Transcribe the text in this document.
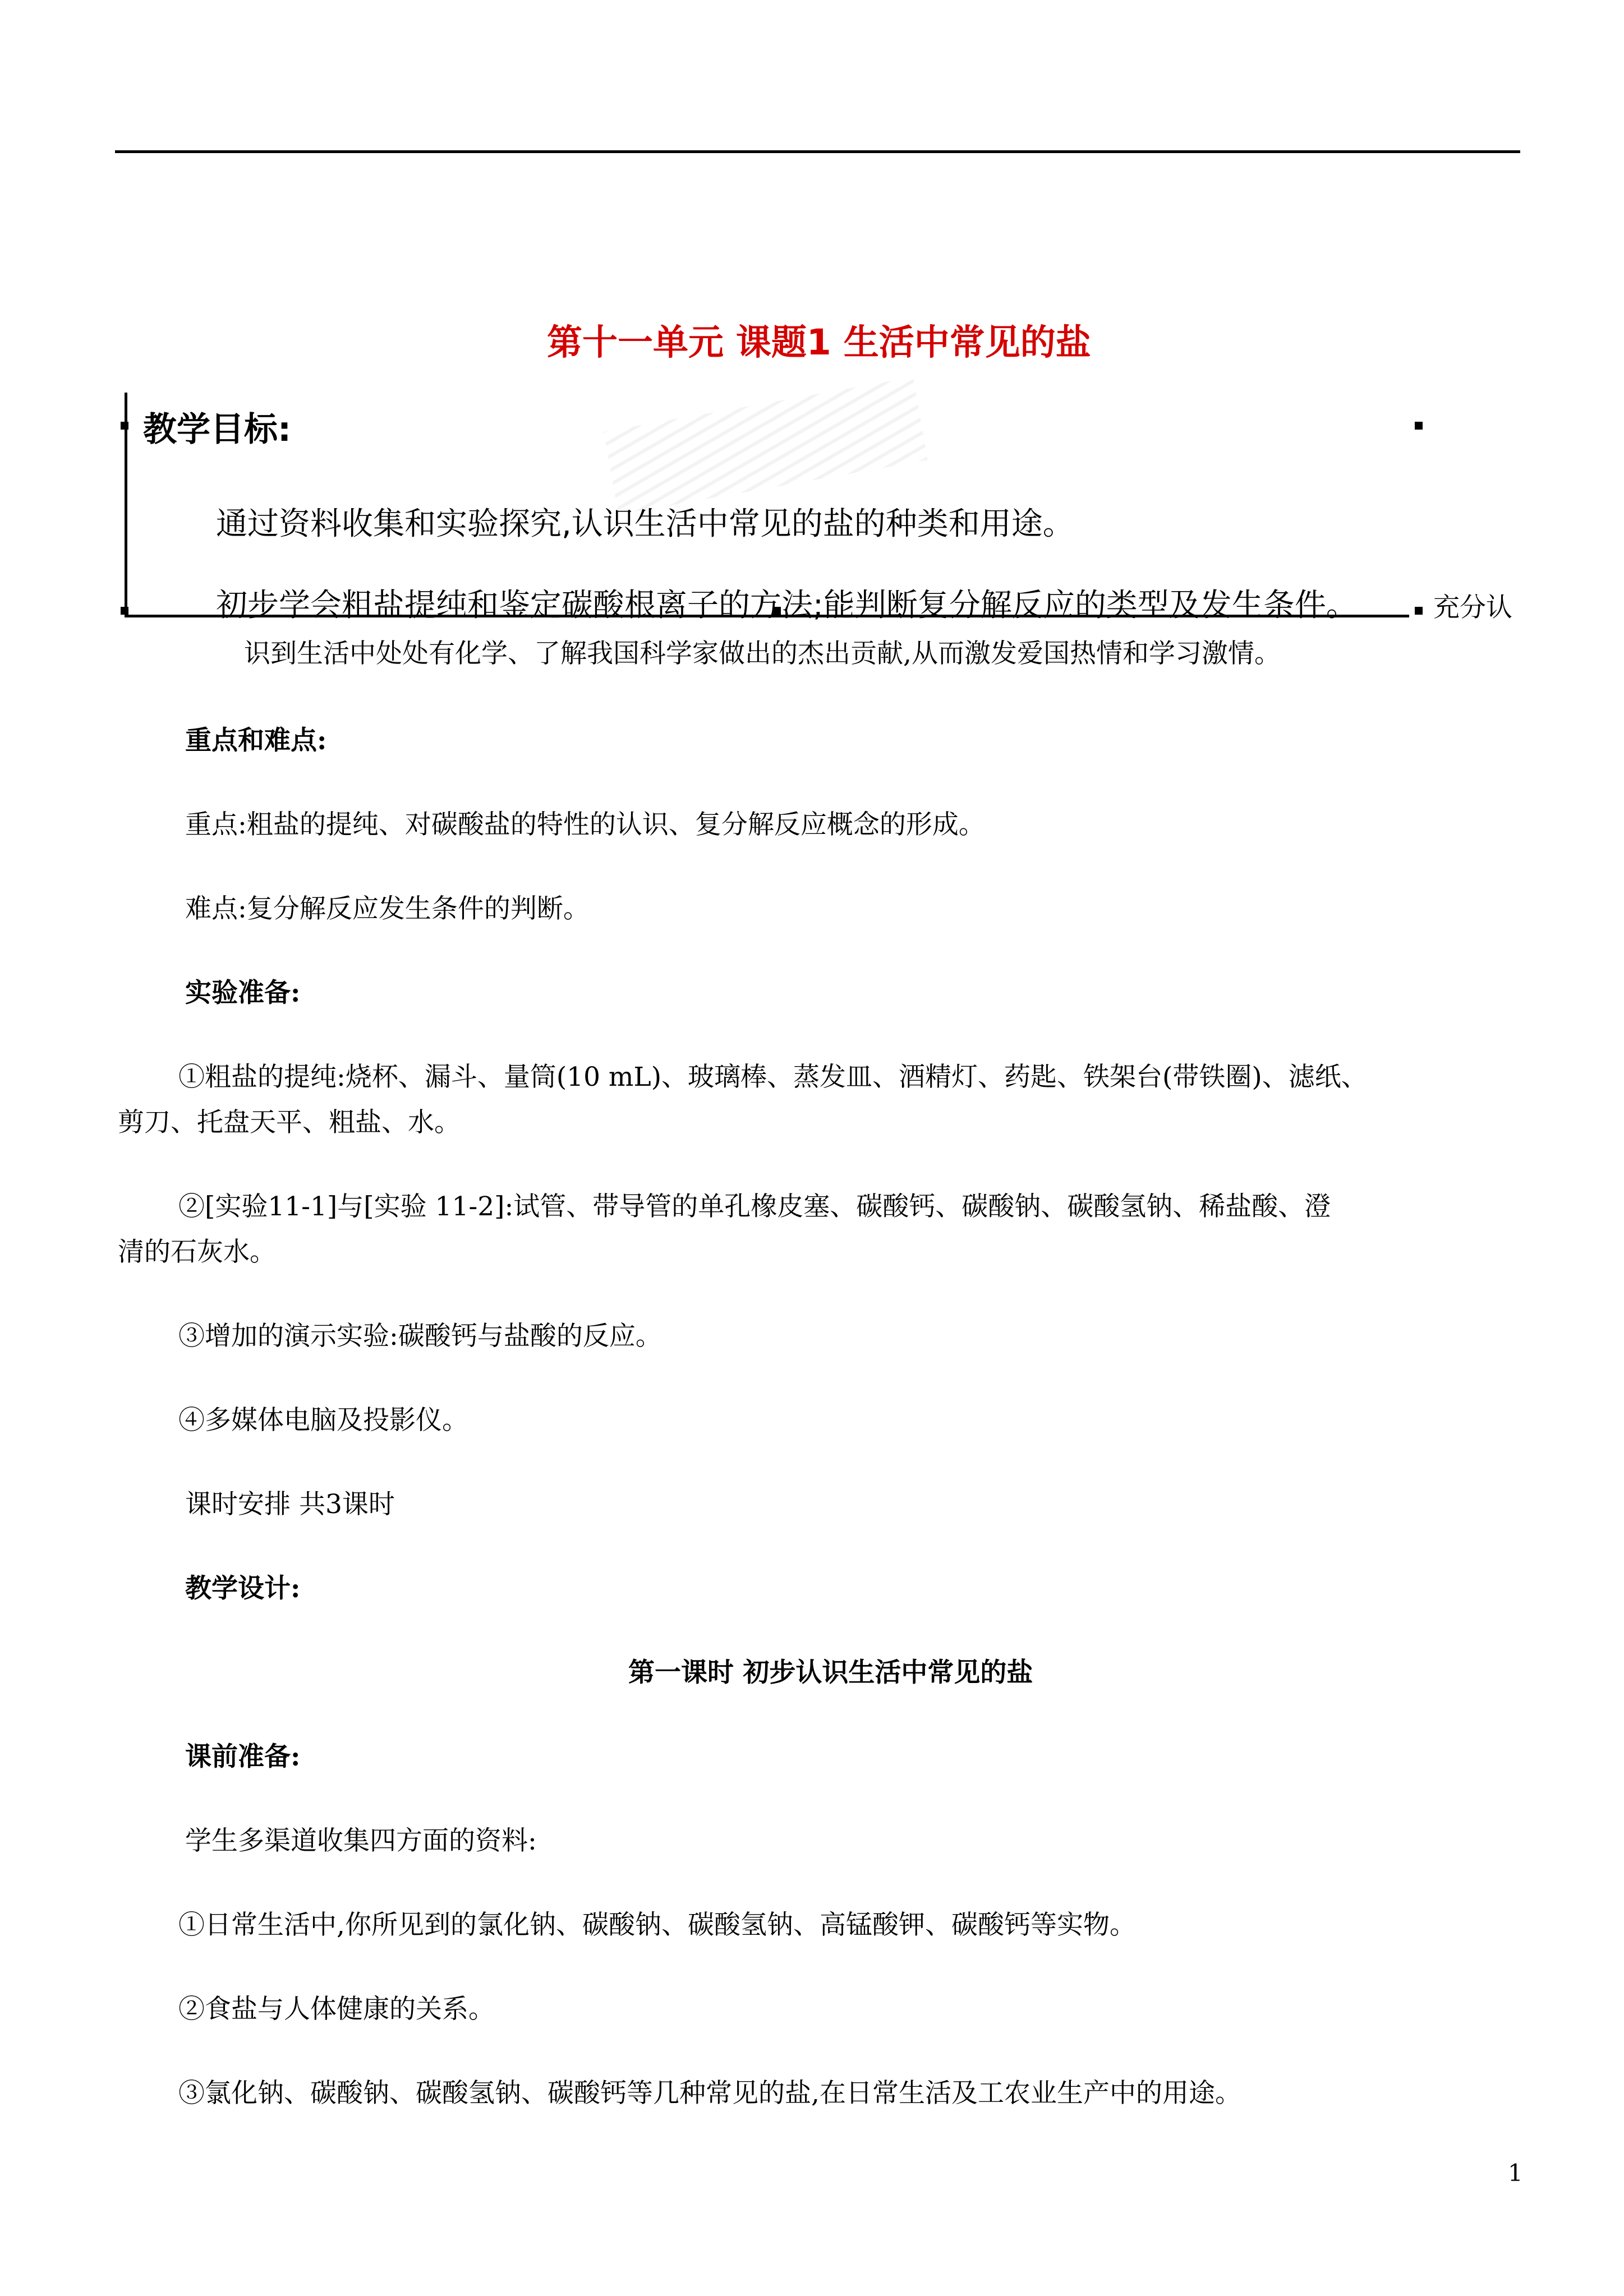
第十一单元 课题1 生活中常见的盐
教学目标:
通过资料收集和实验探究,认识生活中常见的盐的种类和用途。
初步学会粗盐提纯和鉴定碳酸根离子的方法;能判断复分解反应的类型及发生条件。	充分认
识到生活中处处有化学、了解我国科学家做出的杰出贡献,从而激发爱国热情和学习激情。
重点和难点:
重点:粗盐的提纯、对碳酸盐的特性的认识、复分解反应概念的形成。
难点:复分解反应发生条件的判断。
实验准备:
①粗盐的提纯:烧杯、漏斗、量筒(10 mL)、玻璃棒、蒸发皿、酒精灯、药匙、铁架台(带铁圈)、滤纸、
剪刀、托盘天平、粗盐、水。
②[实验11-1]与[实验 11-2]:试管、带导管的单孔橡皮塞、碳酸钙、碳酸钠、碳酸氢钠、稀盐酸、澄
清的石灰水。
③增加的演示实验:碳酸钙与盐酸的反应。
④多媒体电脑及投影仪。
课时安排 共3课时
教学设计:
第一课时 初步认识生活中常见的盐
课前准备:
学生多渠道收集四方面的资料:
①日常生活中,你所见到的氯化钠、碳酸钠、碳酸氢钠、高锰酸钾、碳酸钙等实物。
②食盐与人体健康的关系。
③氯化钠、碳酸钠、碳酸氢钠、碳酸钙等几种常见的盐,在日常生活及工农业生产中的用途。
1
